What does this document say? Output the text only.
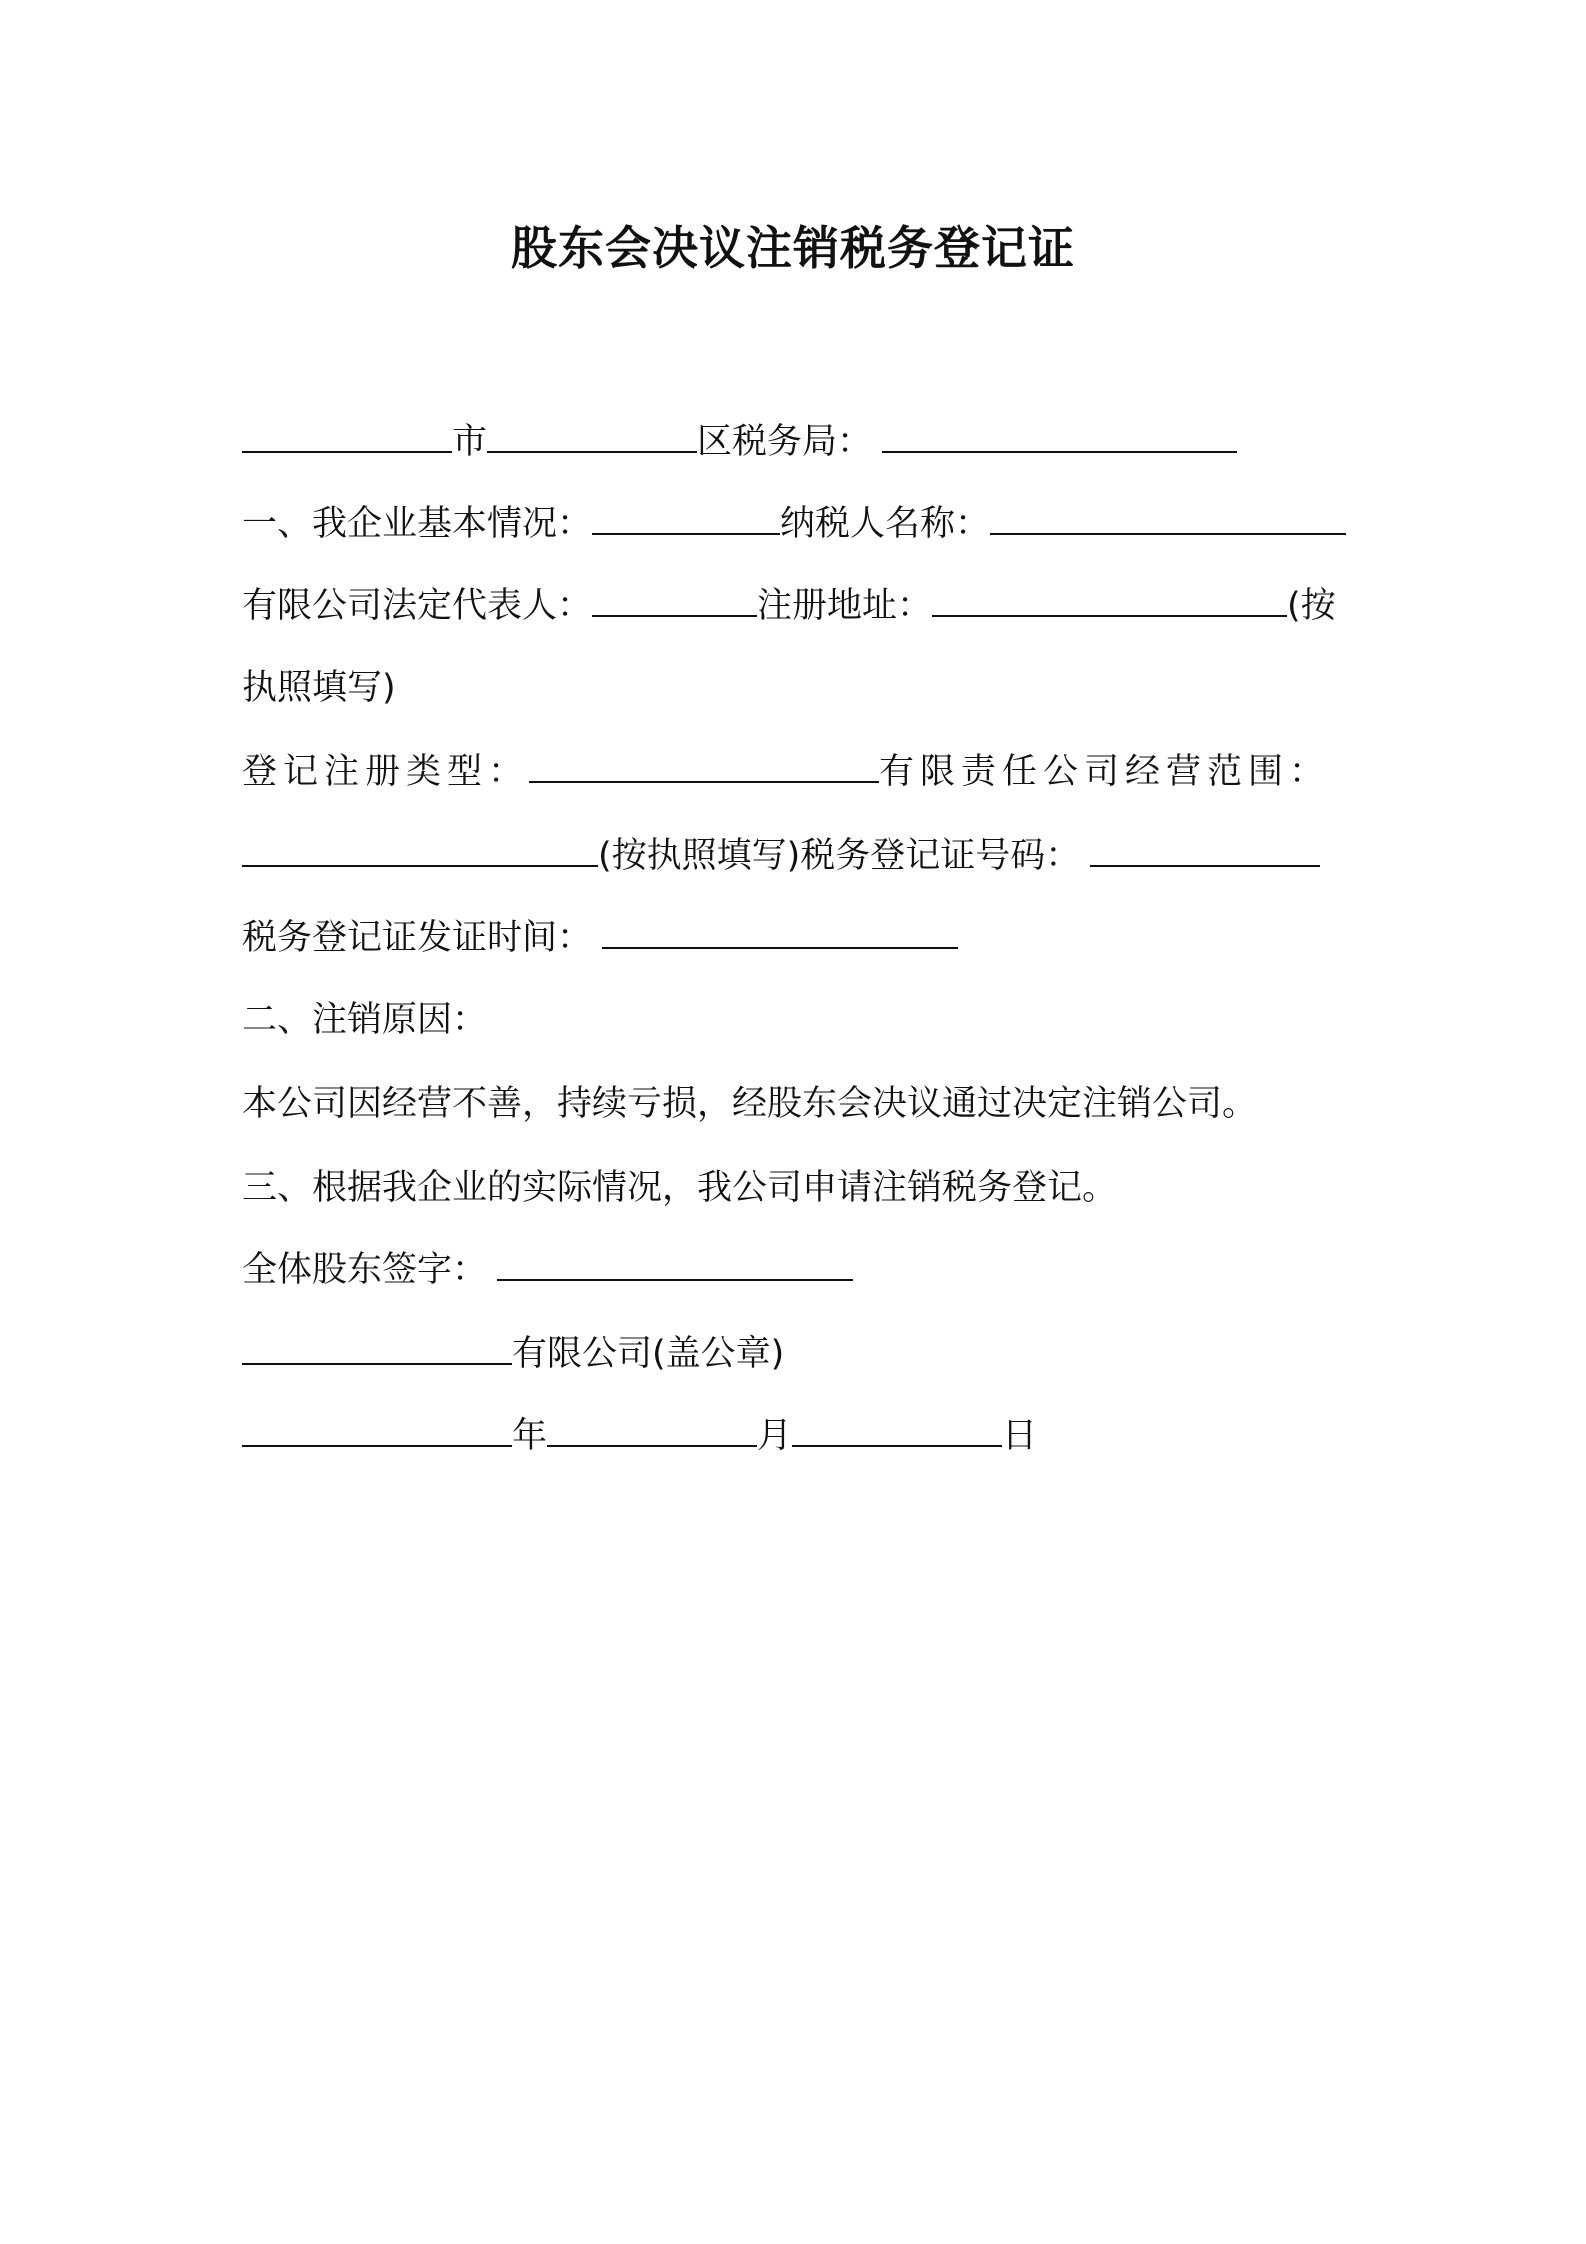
股东会决议注销税务登记证
市	区税务局：
一、我企业基本情况：	纳税人名称：
有限公司法定代表人：	注册地址：	(按
执照填写)
登记注册类型：	有限责任公司经营范围：
(按执照填写)税务登记证号码：
税务登记证发证时间：
二、注销原因：
本公司因经营不善，持续亏损，经股东会决议通过决定注销公司。
三、根据我企业的实际情况，我公司申请注销税务登记。
全体股东签字：
有限公司(盖公章)
年	月	日
